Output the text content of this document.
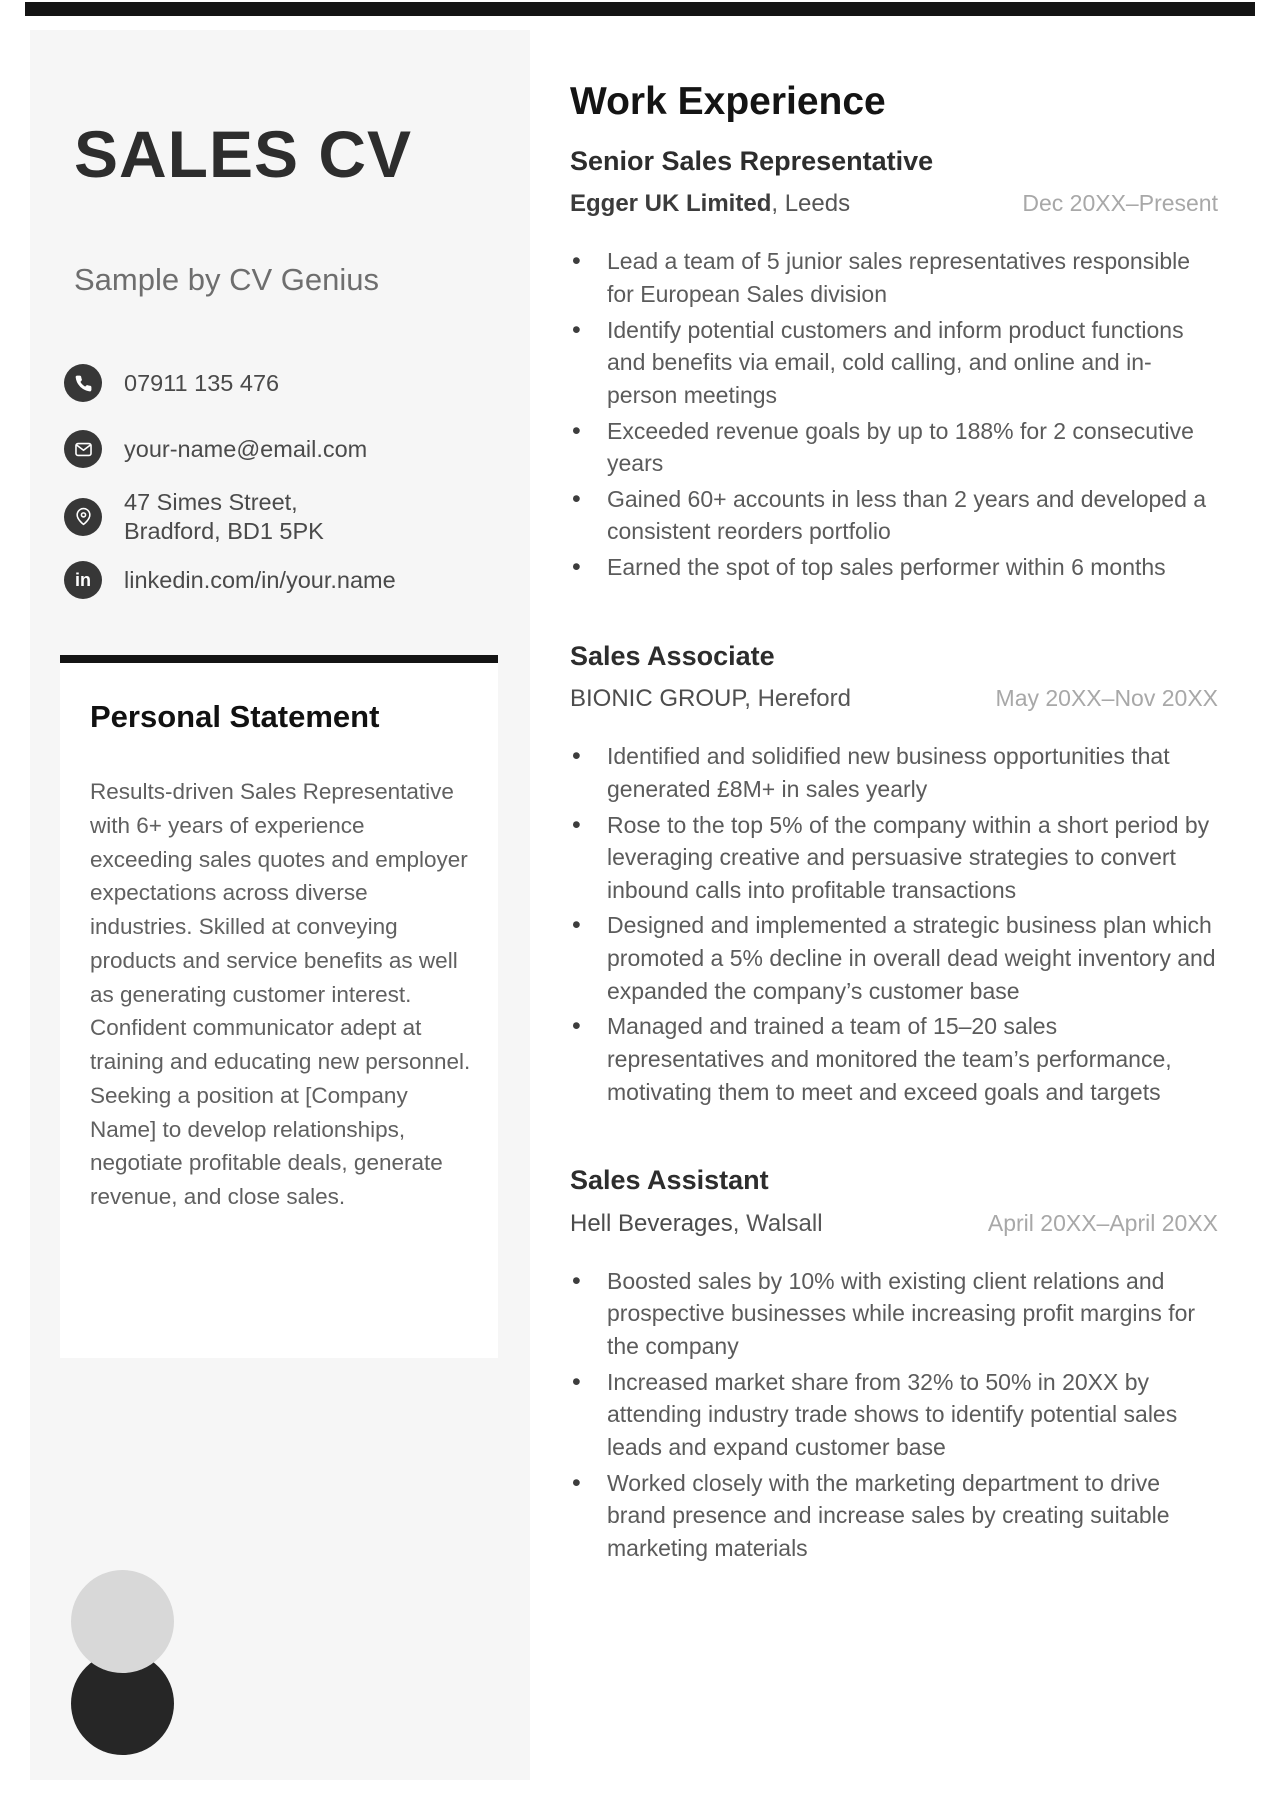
SALES CV
Sample by CV Genius
07911 135 476
your-name@email.com
47 Simes Street,
Bradford, BD1 5PK
in linkedin.com/in/your.name
Personal Statement
Results-driven Sales Representative with 6+ years of experience exceeding sales quotes and employer expectations across diverse industries. Skilled at conveying products and service benefits as well as generating customer interest. Confident communicator adept at training and educating new personnel. Seeking a position at [Company Name] to develop relationships, negotiate profitable deals, generate revenue, and close sales.
Work Experience
Senior Sales Representative
Egger UK Limited, Leeds	Dec 20XX–Present
• Lead a team of 5 junior sales representatives responsible for European Sales division
• Identify potential customers and inform product functions and benefits via email, cold calling, and online and in-person meetings
• Exceeded revenue goals by up to 188% for 2 consecutive years
• Gained 60+ accounts in less than 2 years and developed a consistent reorders portfolio
• Earned the spot of top sales performer within 6 months
Sales Associate
BIONIC GROUP, Hereford	May 20XX–Nov 20XX
• Identified and solidified new business opportunities that generated £8M+ in sales yearly
• Rose to the top 5% of the company within a short period by leveraging creative and persuasive strategies to convert inbound calls into profitable transactions
• Designed and implemented a strategic business plan which promoted a 5% decline in overall dead weight inventory and expanded the company’s customer base
• Managed and trained a team of 15–20 sales representatives and monitored the team’s performance, motivating them to meet and exceed goals and targets
Sales Assistant
Hell Beverages, Walsall	April 20XX–April 20XX
• Boosted sales by 10% with existing client relations and prospective businesses while increasing profit margins for the company
• Increased market share from 32% to 50% in 20XX by attending industry trade shows to identify potential sales leads and expand customer base
• Worked closely with the marketing department to drive brand presence and increase sales by creating suitable marketing materials
